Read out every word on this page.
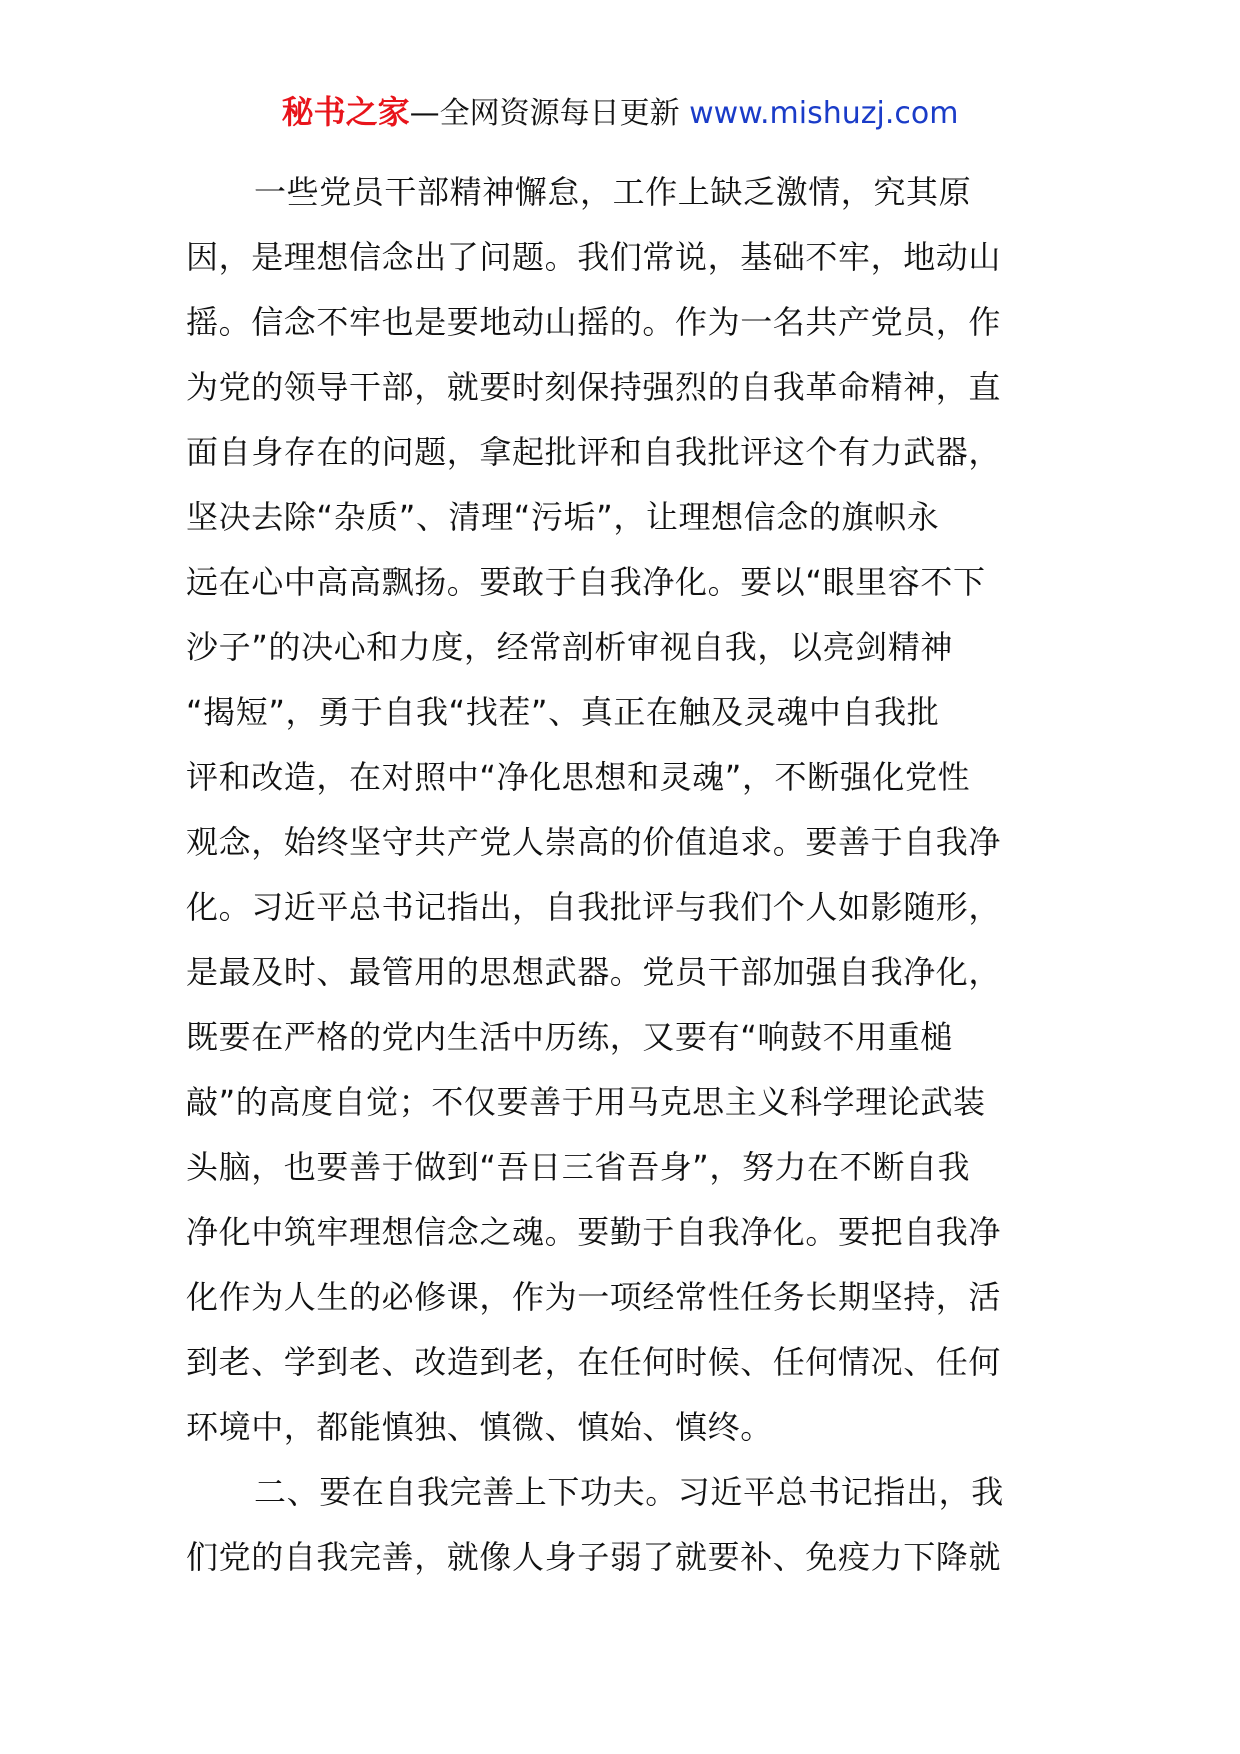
秘书之家—全网资源每日更新 www.mishuzj.com
一些党员干部精神懈怠，工作上缺乏激情，究其原
因，是理想信念出了问题。我们常说，基础不牢，地动山
摇。信念不牢也是要地动山摇的。作为一名共产党员，作
为党的领导干部，就要时刻保持强烈的自我革命精神，直
面自身存在的问题，拿起批评和自我批评这个有力武器，
坚决去除“杂质”、清理“污垢”，让理想信念的旗帜永
远在心中高高飘扬。要敢于自我净化。要以“眼里容不下
沙子”的决心和力度，经常剖析审视自我，以亮剑精神
“揭短”，勇于自我“找茬”、真正在触及灵魂中自我批
评和改造，在对照中“净化思想和灵魂”，不断强化党性
观念，始终坚守共产党人崇高的价值追求。要善于自我净
化。习近平总书记指出，自我批评与我们个人如影随形，
是最及时、最管用的思想武器。党员干部加强自我净化，
既要在严格的党内生活中历练，又要有“响鼓不用重槌
敲”的高度自觉；不仅要善于用马克思主义科学理论武装
头脑，也要善于做到“吾日三省吾身”，努力在不断自我
净化中筑牢理想信念之魂。要勤于自我净化。要把自我净
化作为人生的必修课，作为一项经常性任务长期坚持，活
到老、学到老、改造到老，在任何时候、任何情况、任何
环境中，都能慎独、慎微、慎始、慎终。
二、要在自我完善上下功夫。习近平总书记指出，我
们党的自我完善，就像人身子弱了就要补、免疫力下降就
